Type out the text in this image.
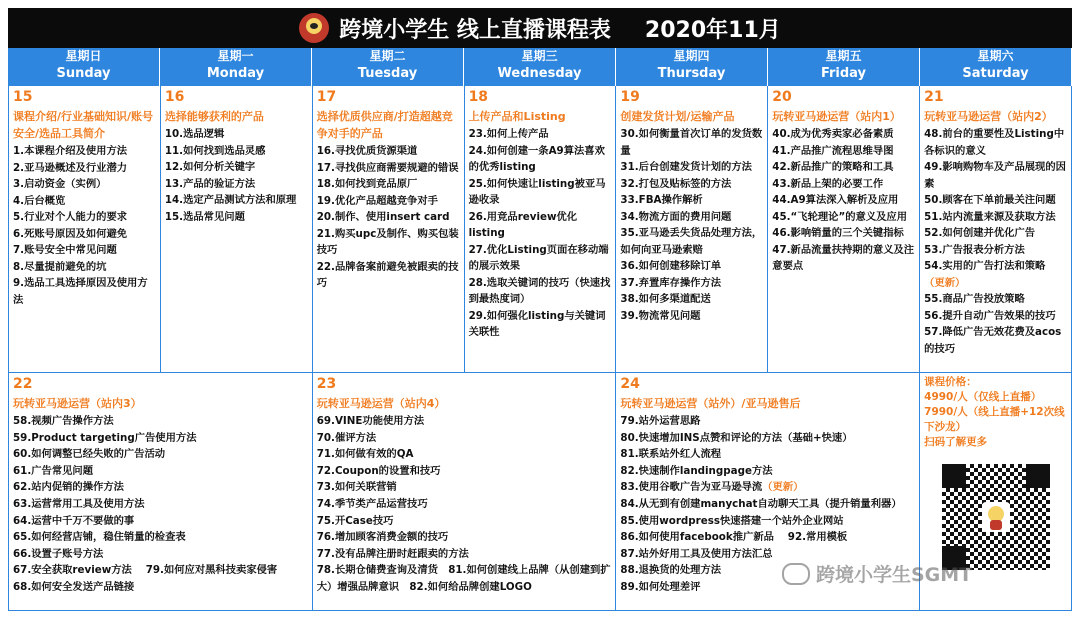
跨境小学生 线上直播课程表 2020年11月
星期日
Sunday
星期一
Monday
星期二
Tuesday
星期三
Wednesday
星期四
Thursday
星期五
Friday
星期六
Saturday
15
课程介绍/行业基础知识/账号安全/选品工具简介
1.本课程介绍及使用方法
2.亚马逊概述及行业潜力
3.启动资金（实例）
4.后台概览
5.行业对个人能力的要求
6.死账号原因及如何避免
7.账号安全中常见问题
8.尽量提前避免的坑
9.选品工具选择原因及使用方法
16
选择能够获利的产品
10.选品逻辑
11.如何找到选品灵感
12.如何分析关键字
13.产品的验证方法
14.选定产品测试方法和原理
15.选品常见问题
17
选择优质供应商/打造超越竞争对手的产品
16.寻找优质货源渠道
17.寻找供应商需要规避的错误
18.如何找到竞品原厂
19.优化产品超越竞争对手
20.制作、使用insert card
21.购买upc及制作、购买包装技巧
22.品牌备案前避免被跟卖的技巧
18
上传产品和Listing
23.如何上传产品
24.如何创建一条A9算法喜欢的优秀listing
25.如何快速让listing被亚马逊收录
26.用竞品review优化listing
27.优化Listing页面在移动端的展示效果
28.选取关键词的技巧（快速找到最热度词）
29.如何强化listing与关键词关联性
19
创建发货计划/运输产品
30.如何衡量首次订单的发货数量
31.后台创建发货计划的方法
32.打包及贴标签的方法
33.FBA操作解析
34.物流方面的费用问题
35.亚马逊丢失货品处理方法，如何向亚马逊索赔
36.如何创建移除订单
37.弃置库存操作方法
38.如何多渠道配送
39.物流常见问题
20
玩转亚马逊运营（站内1）
40.成为优秀卖家必备素质
41.产品推广流程思维导图
42.新品推广的策略和工具
43.新品上架的必要工作
44.A9算法深入解析及应用
45.“飞轮理论”的意义及应用
46.影响销量的三个关键指标
47.新品流量扶持期的意义及注意要点
21
玩转亚马逊运营（站内2）
48.前台的重要性及Listing中各标识的意义
49.影响购物车及产品展现的因素
50.顾客在下单前最关注问题
51.站内流量来源及获取方法
52.如何创建并优化广告
53.广告报表分析方法
54.实用的广告打法和策略
（更新）
55.商品广告投放策略
56.提升自动广告效果的技巧
57.降低广告无效花费及acos的技巧
22
玩转亚马逊运营（站内3）
58.视频广告操作方法
59.Product targeting广告使用方法
60.如何调整已经失败的广告活动
61.广告常见问题
62.站内促销的操作方法
63.运营常用工具及使用方法
64.运营中千万不要做的事
65.如何经营店铺，稳住销量的检查表
66.设置子账号方法
67.安全获取review方法　 79.如何应对黑科技卖家侵害
68.如何安全发送产品链接
23
玩转亚马逊运营（站内4）
69.VINE功能使用方法
70.催评方法
71.如何做有效的QA
72.Coupon的设置和技巧
73.如何关联营销
74.季节类产品运营技巧
75.开Case技巧
76.增加顾客消费金额的技巧
77.没有品牌注册时赶跟卖的方法
78.长期仓储费查询及清货　81.如何创建线上品牌（从创建到扩大）增强品牌意识　82.如何给品牌创建LOGO
24
玩转亚马逊运营（站外）/亚马逊售后
79.站外运营思路
80.快速增加INS点赞和评论的方法（基础+快速）
81.联系站外红人流程
82.快速制作landingpage方法
83.使用谷歌广告为亚马逊导流（更新）
84.从无到有创建manychat自动聊天工具（提升销量利器）
85.使用wordpress快速搭建一个站外企业网站
86.如何使用facebook推广新品　 92.常用模板
87.站外好用工具及使用方法汇总
88.退换货的处理方法
89.如何处理差评
课程价格：
4990/人（仅线上直播）
7990/人（线上直播+12次线下沙龙）
扫码了解更多
跨境小学生SGMT
